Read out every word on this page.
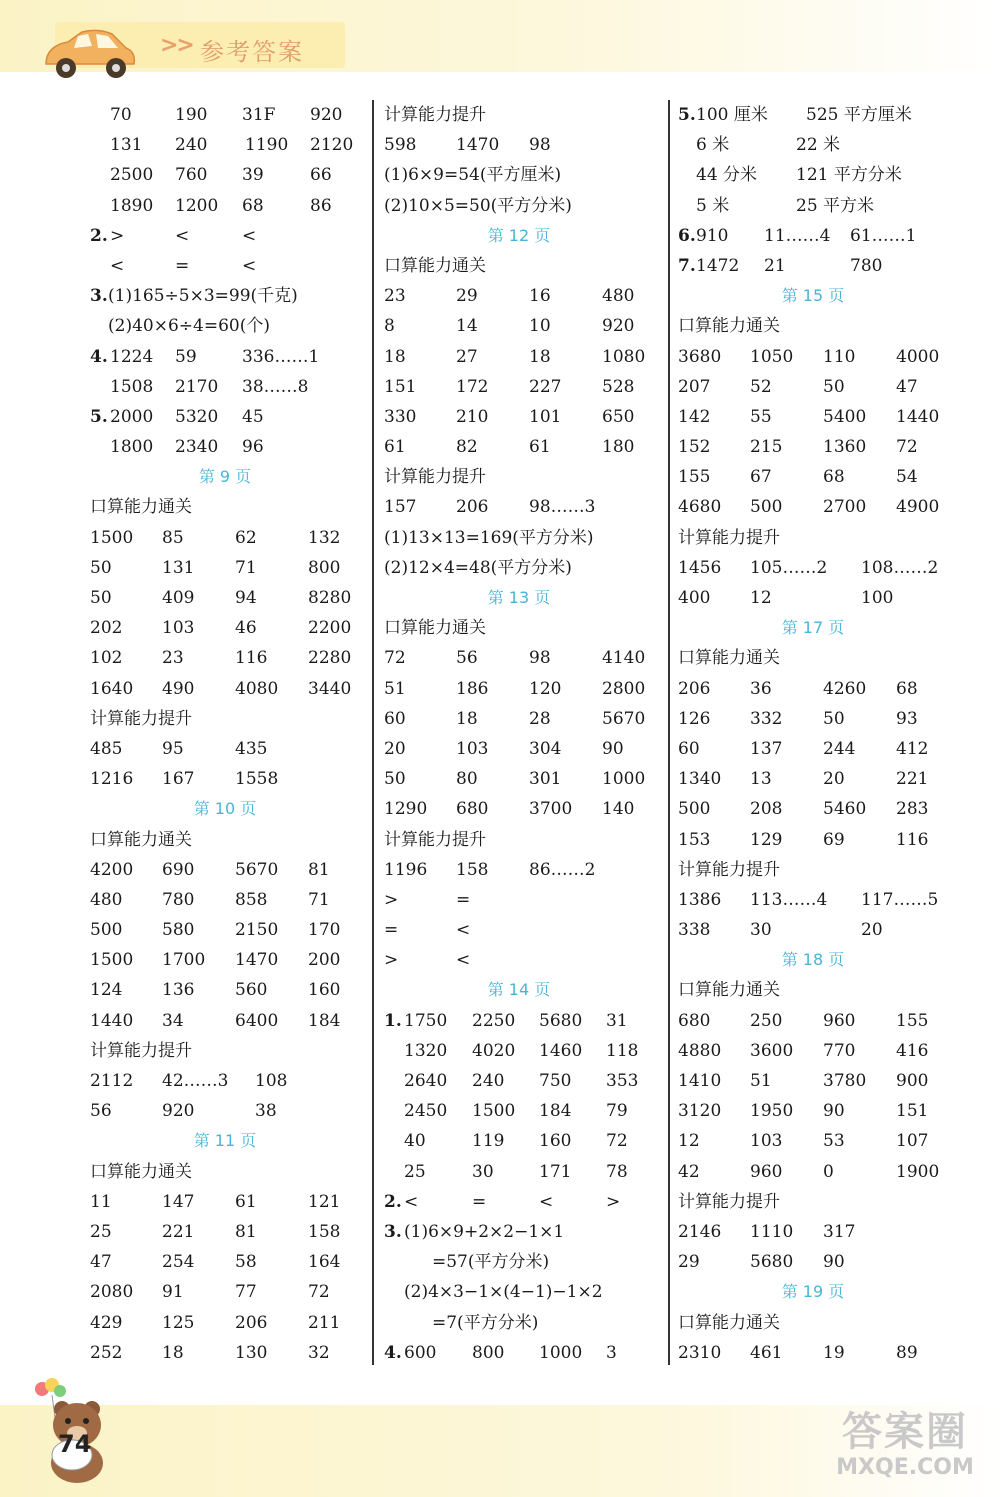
>> 参考答案
70	190 31F 920
131 240 1190 2120
2500 760 39	66
1890 1200 68	86
2. >	<	<
<	=	<
3. (1)165÷5×3=99(千克)
(2)40×6÷4=60(个)
4. 1224 59	336……1
1508 2170 38……8
5. 2000 5320 45
1800 2340 96
第 9 页
口算能力通关
1500 85	62	132
50	131 71	800
50	409 94	8280
202 103 46	2200
102 23	116 2280
1640 490 4080 3440
计算能力提升
485 95	435
1216 167 1558
第 10 页
口算能力通关
4200 690 5670 81
480 780 858 71
500 580 2150 170
1500 1700 1470 200
124 136 560 160
1440 34	6400 184
计算能力提升
2112 42……3 108
56	920	38
第 11 页
口算能力通关
11	147 61	121
25	221 81	158
47	254 58	164
2080 91	77	72
429 125 206 211
252 18	130 32
计算能力提升
598 1470 98
(1)6×9=54(平方厘米)
(2)10×5=50(平方分米)
第 12 页
口算能力通关
23	29	16	480
8	14	10	920
18	27	18	1080
151 172 227 528
330 210 101 650
61	82	61	180
计算能力提升
157 206 98……3
(1)13×13=169(平方分米)
(2)12×4=48(平方分米)
第 13 页
口算能力通关
72	56	98	4140
51	186 120 2800
60	18	28	5670
20	103 304 90
50	80	301 1000
1290 680 3700 140
计算能力提升
1196 158 86……2
>	=
=	<
>	<
第 14 页
1. 1750 2250 5680 31
1320 4020 1460 118
2640 240 750 353
2450 1500 184 79
40	119 160 72
25	30	171 78
2. <	=	<	>
3. (1)6×9+2×2−1×1
=57(平方分米)
(2)4×3−1×(4−1)−1×2
=7(平方分米)
4. 600 800 1000 3
5. 100 厘米 525 平方厘米
6 米	22 米
44 分米 121 平方分米
5 米	25 平方米
6. 910 11……4 61……1
7. 1472 21	780
第 15 页
口算能力通关
3680 1050 110 4000
207 52	50	47
142 55	5400 1440
152 215 1360 72
155 67	68	54
4680 500 2700 4900
计算能力提升
1456 105……2 108……2
400 12	100
第 17 页
口算能力通关
206 36	4260 68
126 332 50	93
60	137 244 412
1340 13	20	221
500 208 5460 283
153 129 69	116
计算能力提升
1386 113……4 117……5
338 30	20
第 18 页
口算能力通关
680 250 960 155
4880 3600 770 416
1410 51	3780 900
3120 1950 90	151
12	103 53	107
42	960 0	1900
计算能力提升
2146 1110 317
29	5680 90
第 19 页
口算能力通关
2310 461 19	89
74	答案圈
MXQE.COM
